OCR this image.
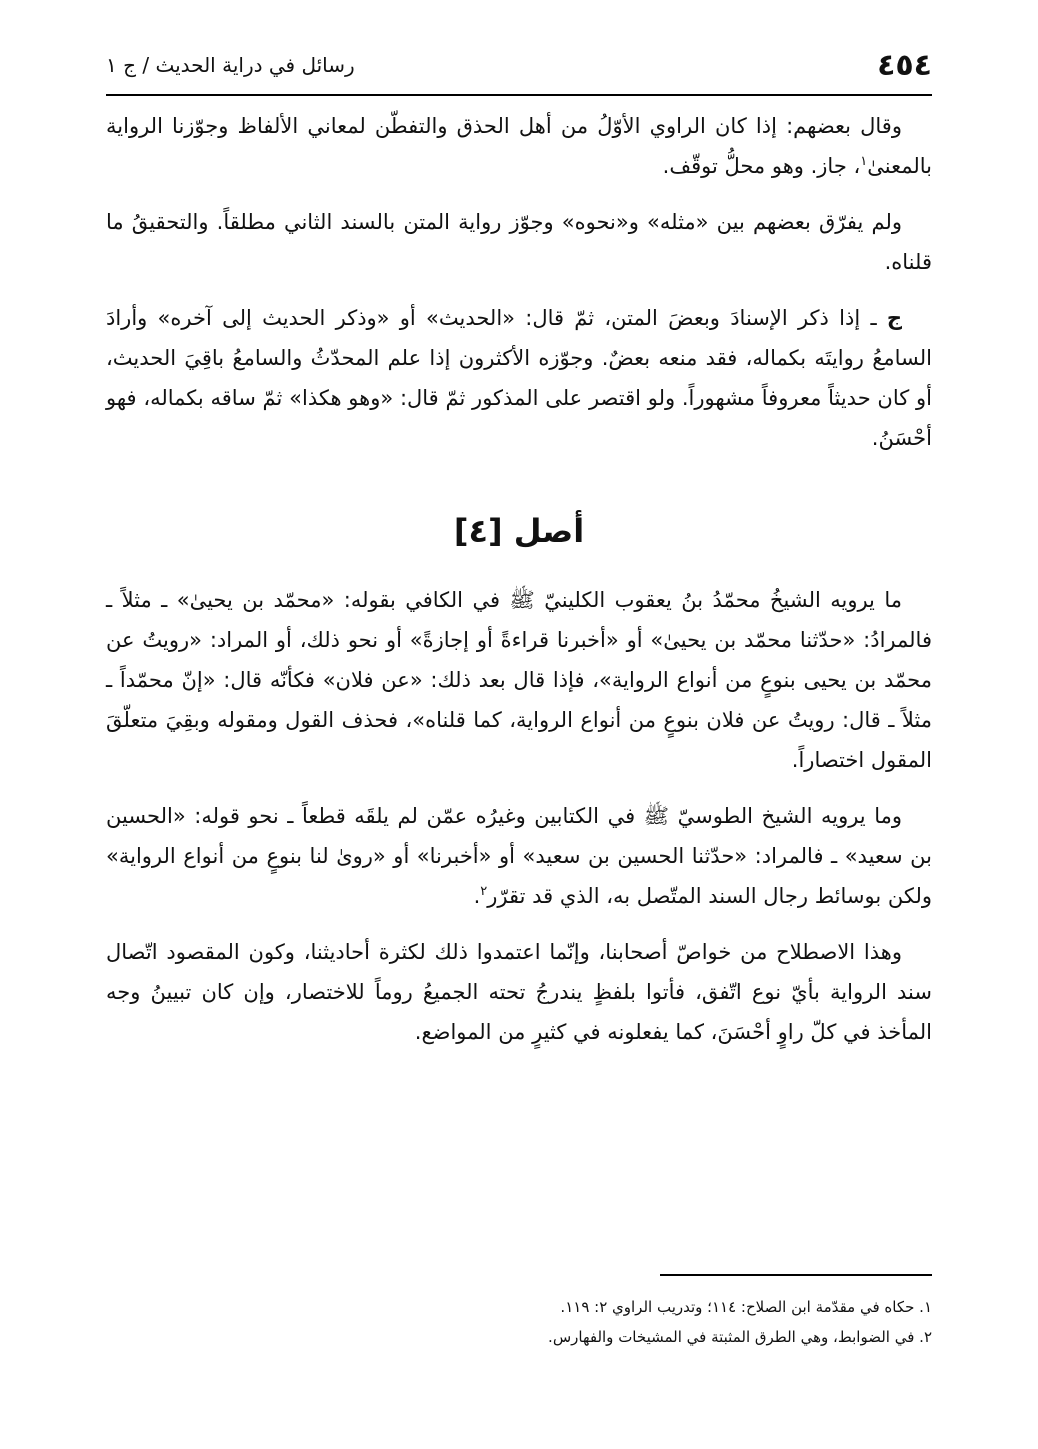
٤٥٤
رسائل في دراية الحديث / ج ١

وقال بعضهم: إذا كان الراوي الأوّلُ من أهل الحذق والتفطّن لمعاني الألفاظ وجوّزنا الرواية بالمعنىٰ$^١$، جاز. وهو محلُّ توقّف.

ولم يفرّق بعضهم بين «مثله» و«نحوه» وجوّز رواية المتن بالسند الثاني مطلقاً. والتحقيقُ ما قلناه.

ج ـ إذا ذكر الإسنادَ وبعضَ المتن، ثمّ قال: «الحديث» أو «وذكر الحديث إلى آخره» وأرادَ السامعُ روايتَه بكماله، فقد منعه بعضٌ. وجوّزه الأكثرون إذا علم المحدّثُ والسامعُ باقِيَ الحديث، أو كان حديثاً معروفاً مشهوراً. ولو اقتصر على المذكور ثمّ قال: «وهو هكذا» ثمّ ساقه بكماله، فهو أحْسَنُ.

أصل [٤]

ما يرويه الشيخُ محمّدُ بنُ يعقوب الكلينيّ ﷺ في الكافي بقوله: «محمّد بن يحيىٰ» ـ مثلاً ـ فالمرادُ: «حدّثنا محمّد بن يحيىٰ» أو «أخبرنا قراءةً أو إجازةً» أو نحو ذلك، أو المراد: «رويتُ عن محمّد بن يحيى بنوعٍ من أنواع الرواية»، فإذا قال بعد ذلك: «عن فلان» فكأنّه قال: «إنّ محمّداً ـ مثلاً ـ قال: رويتُ عن فلان بنوعٍ من أنواع الرواية، كما قلناه»، فحذف القول ومقوله وبقِيَ متعلّقَ المقول اختصاراً.

وما يرويه الشيخ الطوسيّ ﷺ في الكتابين وغيرُه عمّن لم يلقَه قطعاً ـ نحو قوله: «الحسين بن سعيد» ـ فالمراد: «حدّثنا الحسين بن سعيد» أو «أخبرنا» أو «روىٰ لنا بنوعٍ من أنواع الرواية» ولكن بوسائط رجال السند المتّصل به، الذي قد تقرّر$^٢$.

وهذا الاصطلاح من خواصّ أصحابنا، وإنّما اعتمدوا ذلك لكثرة أحاديثنا، وكون المقصود اتّصال سند الرواية بأيّ نوع اتّفق، فأتوا بلفظٍ يندرجُ تحته الجميعُ روماً للاختصار، وإن كان تبيينُ وجه المأخذ في كلّ راوٍ أحْسَنَ، كما يفعلونه في كثيرٍ من المواضع.

١. حكاه في مقدّمة ابن الصلاح: ١١٤؛ وتدريب الراوي ٢: ١١٩.
٢. في الضوابط، وهي الطرق المثبتة في المشيخات والفهارس.
